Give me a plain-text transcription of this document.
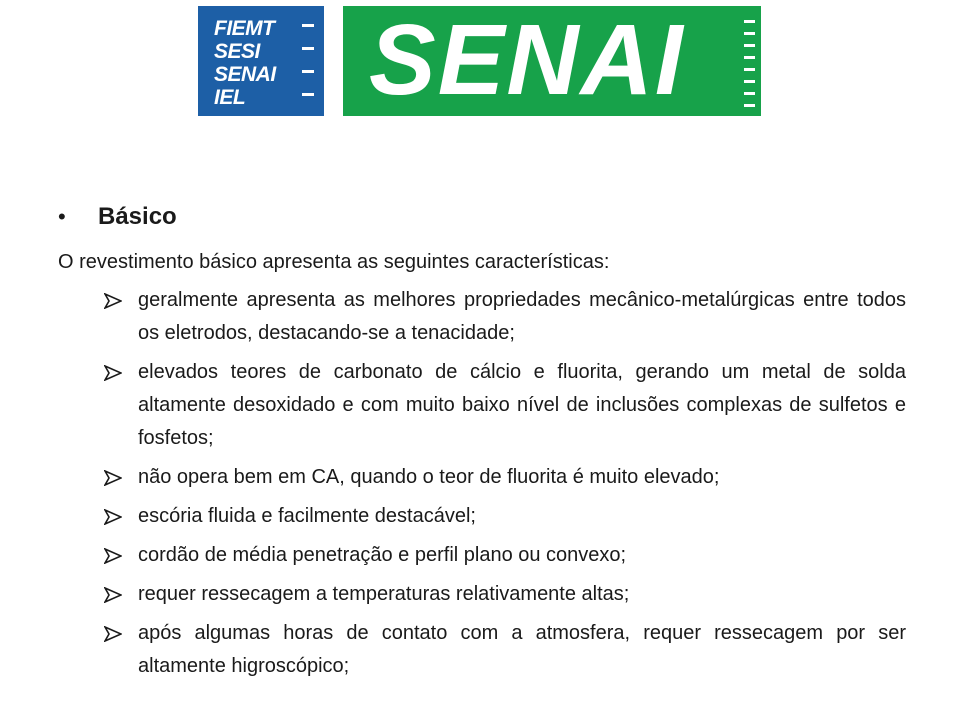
FIEMT
SESI
SENAI
IEL SENAI
•	Básico
O revestimento básico apresenta as seguintes características:
geralmente apresenta as melhores propriedades mecânico-metalúrgicas entre todos os eletrodos, destacando-se a tenacidade;
elevados teores de carbonato de cálcio e fluorita, gerando um metal de solda altamente desoxidado e com muito baixo nível de inclusões complexas de sulfetos e fosfetos;
não opera bem em CA, quando o teor de fluorita é muito elevado;
escória fluida e facilmente destacável;
cordão de média penetração e perfil plano ou convexo;
requer ressecagem a temperaturas relativamente altas;
após algumas horas de contato com a atmosfera, requer ressecagem por ser altamente higroscópico;
